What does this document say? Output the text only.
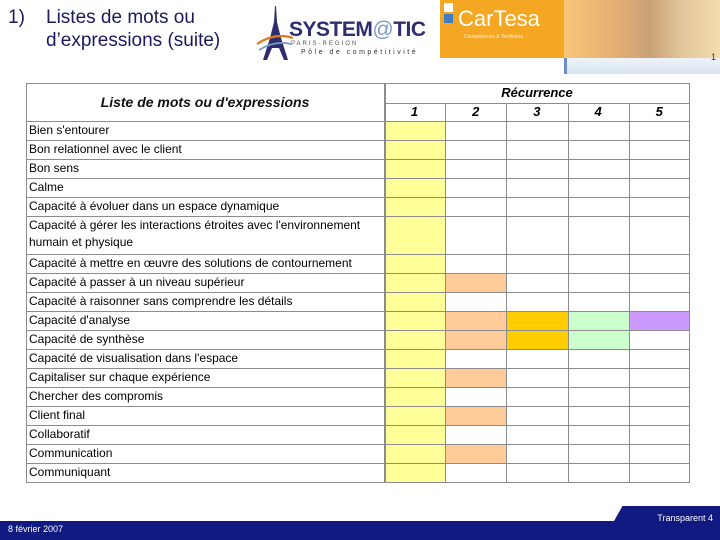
1) Listes de mots ou d’expressions (suite)	SYSTEM@TIC
PARIS-REGION
Pôle de compétitivité
CarTesa
Compétences & Territoires
1
Liste de mots ou d'expressions
Récurrence
1	2	3	4	5
Bien s'entourer
Bon relationnel avec le client
Bon sens
Calme
Capacité à évoluer dans un espace dynamique
Capacité à gérer les interactions étroites avec l'environnement
humain et physique
Capacité à mettre en œuvre des solutions de contournement
Capacité à passer à un niveau supérieur
Capacité à raisonner sans comprendre les détails
Capacité d'analyse
Capacité de synthèse
Capacité de visualisation dans l'espace
Capitaliser sur chaque expérience
Chercher des compromis
Client final
Collaboratif
Communication
Communiquant
8 février 2007
Transparent 4
